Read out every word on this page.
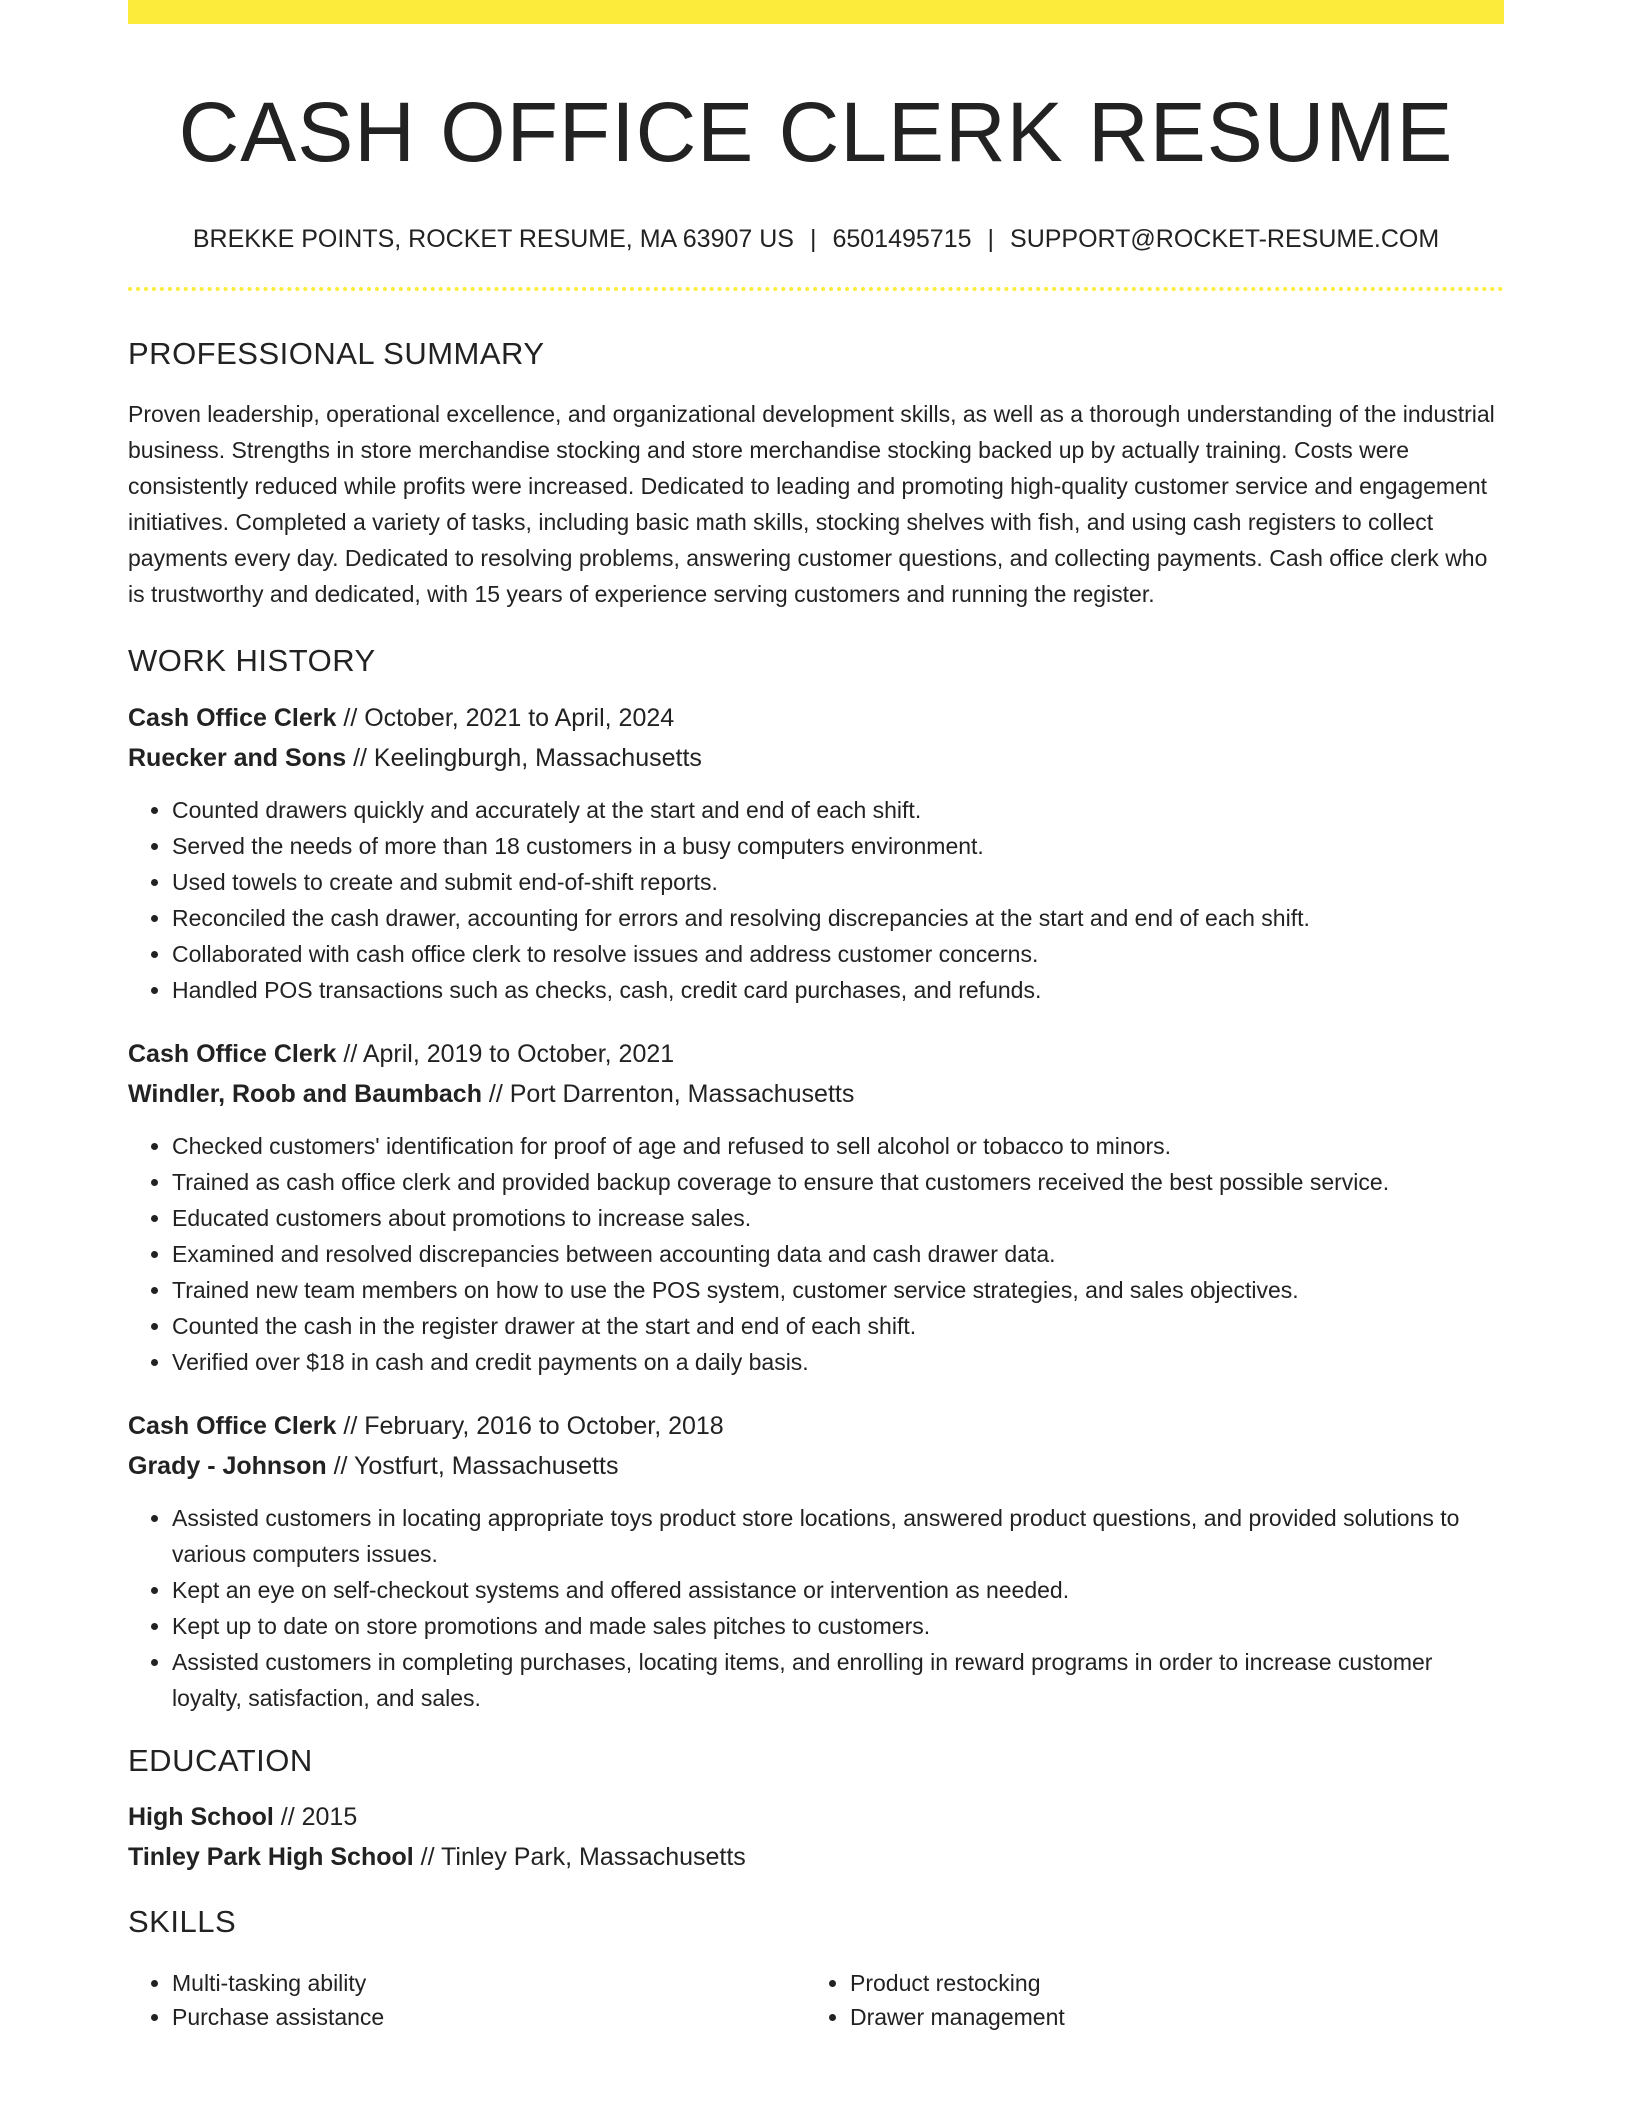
CASH OFFICE CLERK RESUME
BREKKE POINTS, ROCKET RESUME, MA 63907 US | 6501495715 | SUPPORT@ROCKET-RESUME.COM
PROFESSIONAL SUMMARY

Proven leadership, operational excellence, and organizational development skills, as well as a thorough understanding of the industrial business. Strengths in store merchandise stocking and store merchandise stocking backed up by actually training. Costs were consistently reduced while profits were increased. Dedicated to leading and promoting high-quality customer service and engagement initiatives. Completed a variety of tasks, including basic math skills, stocking shelves with fish, and using cash registers to collect payments every day. Dedicated to resolving problems, answering customer questions, and collecting payments. Cash office clerk who is trustworthy and dedicated, with 15 years of experience serving customers and running the register.

WORK HISTORY
Cash Office Clerk // October, 2021 to April, 2024
Ruecker and Sons // Keelingburgh, Massachusetts
• Counted drawers quickly and accurately at the start and end of each shift.
• Served the needs of more than 18 customers in a busy computers environment.
• Used towels to create and submit end-of-shift reports.
• Reconciled the cash drawer, accounting for errors and resolving discrepancies at the start and end of each shift.
• Collaborated with cash office clerk to resolve issues and address customer concerns.
• Handled POS transactions such as checks, cash, credit card purchases, and refunds.
Cash Office Clerk // April, 2019 to October, 2021
Windler, Roob and Baumbach // Port Darrenton, Massachusetts
• Checked customers' identification for proof of age and refused to sell alcohol or tobacco to minors.
• Trained as cash office clerk and provided backup coverage to ensure that customers received the best possible service.
• Educated customers about promotions to increase sales.
• Examined and resolved discrepancies between accounting data and cash drawer data.
• Trained new team members on how to use the POS system, customer service strategies, and sales objectives.
• Counted the cash in the register drawer at the start and end of each shift.
• Verified over $18 in cash and credit payments on a daily basis.
Cash Office Clerk // February, 2016 to October, 2018
Grady - Johnson // Yostfurt, Massachusetts
• Assisted customers in locating appropriate toys product store locations, answered product questions, and provided solutions to various computers issues.
• Kept an eye on self-checkout systems and offered assistance or intervention as needed.
• Kept up to date on store promotions and made sales pitches to customers.
• Assisted customers in completing purchases, locating items, and enrolling in reward programs in order to increase customer loyalty, satisfaction, and sales.
EDUCATION
High School // 2015
Tinley Park High School // Tinley Park, Massachusetts
SKILLS
• Multi-tasking ability
• Purchase assistance
• Product restocking
• Drawer management
